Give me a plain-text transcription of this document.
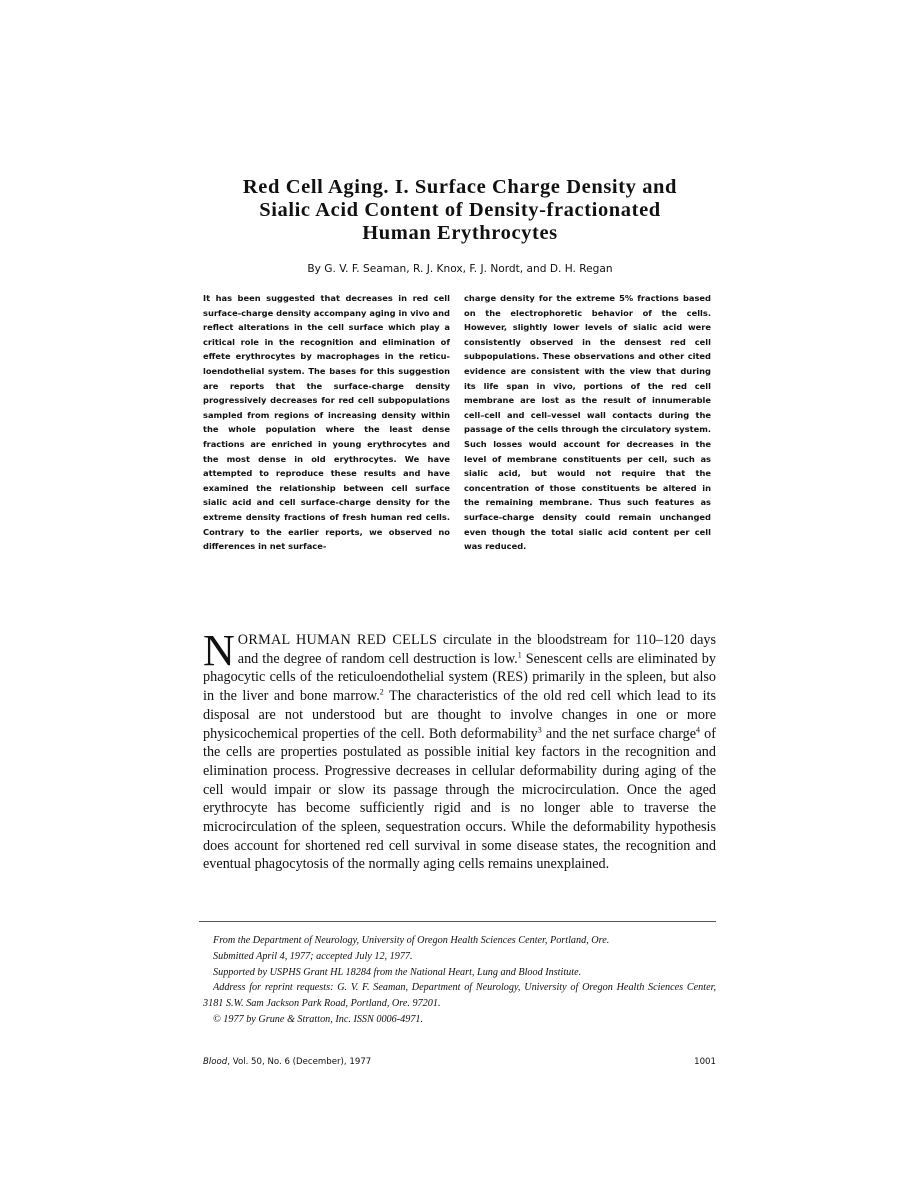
Red Cell Aging. I. Surface Charge Density and
Sialic Acid Content of Density-fractionated
Human Erythrocytes

By G. V. F. Seaman, R. J. Knox, F. J. Nordt, and D. H. Regan

It has been suggested that decreases in red cell surface-charge density accompany aging in vivo and reflect alterations in the cell surface which play a critical role in the recognition and elimination of effete erythrocytes by macrophages in the reticuloendothelial system. The bases for this suggestion are reports that the surface-charge density progressively decreases for red cell subpopulations sampled from regions of increasing density within the whole population where the least dense fractions are enriched in young erythrocytes and the most dense in old erythrocytes. We have attempted to reproduce these results and have examined the relationship between cell surface sialic acid and cell surface-charge density for the extreme density fractions of fresh human red cells. Contrary to the earlier reports, we observed no differences in net surface-

charge density for the extreme 5% fractions based on the electrophoretic behavior of the cells. However, slightly lower levels of sialic acid were consistently observed in the densest red cell subpopulations. These observations and other cited evidence are consistent with the view that during its life span in vivo, portions of the red cell membrane are lost as the result of innumerable cell–cell and cell–vessel wall contacts during the passage of the cells through the circulatory system. Such losses would account for decreases in the level of membrane constituents per cell, such as sialic acid, but would not require that the concentration of those constituents be altered in the remaining membrane. Thus such features as surface-charge density could remain unchanged even though the total sialic acid content per cell was reduced.

NORMAL HUMAN RED CELLS circulate in the bloodstream for 110–120 days and the degree of random cell destruction is low.$^1$ Senescent cells are eliminated by phagocytic cells of the reticuloendothelial system (RES) primarily in the spleen, but also in the liver and bone marrow.$^2$ The characteristics of the old red cell which lead to its disposal are not understood but are thought to involve changes in one or more physicochemical properties of the cell. Both deformability$^3$ and the net surface charge$^4$ of the cells are properties postulated as possible initial key factors in the recognition and elimination process. Progressive decreases in cellular deformability during aging of the cell would impair or slow its passage through the microcirculation. Once the aged erythrocyte has become sufficiently rigid and is no longer able to traverse the microcirculation of the spleen, sequestration occurs. While the deformability hypothesis does account for shortened red cell survival in some disease states, the recognition and eventual phagocytosis of the normally aging cells remains unexplained.

From the Department of Neurology, University of Oregon Health Sciences Center, Portland, Ore.

Submitted April 4, 1977; accepted July 12, 1977.

Supported by USPHS Grant HL 18284 from the National Heart, Lung and Blood Institute.

Address for reprint requests: G. V. F. Seaman, Department of Neurology, University of Oregon Health Sciences Center, 3181 S.W. Sam Jackson Park Road, Portland, Ore. 97201.

© 1977 by Grune & Stratton, Inc. ISSN 0006-4971.

Blood, Vol. 50, No. 6 (December), 1977	1001
